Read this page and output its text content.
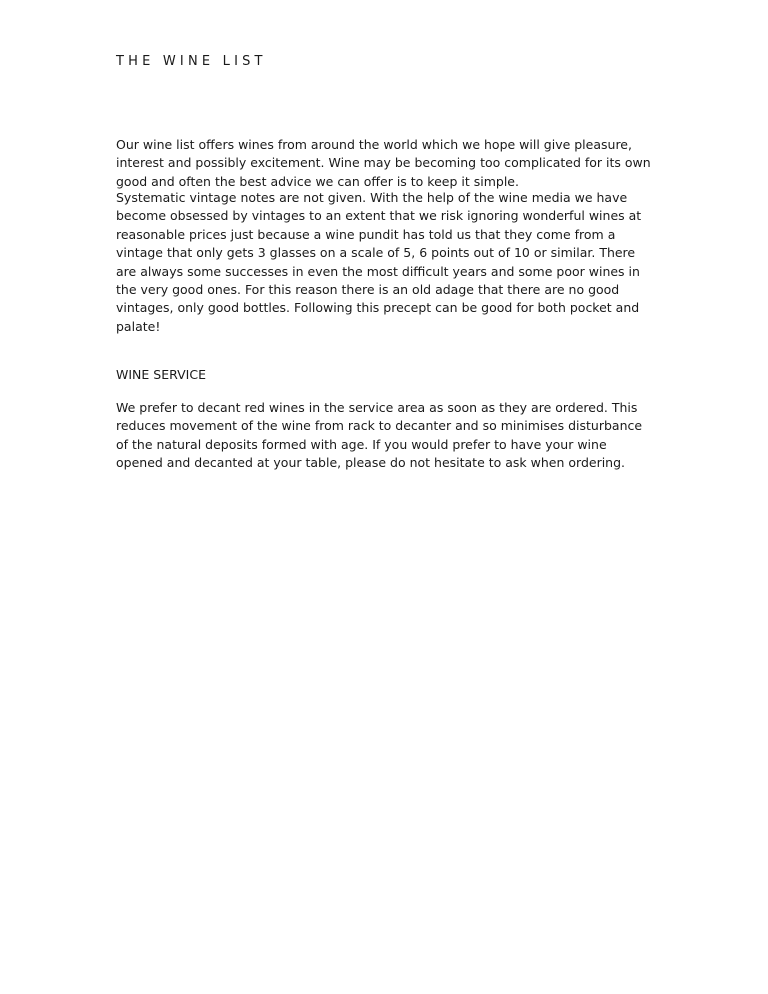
THE WINE LIST

Our wine list offers wines from around the world which we hope will give pleasure, interest and possibly excitement. Wine may be becoming too complicated for its own good and often the best advice we can offer is to keep it simple.

Systematic vintage notes are not given. With the help of the wine media we have become obsessed by vintages to an extent that we risk ignoring wonderful wines at reasonable prices just because a wine pundit has told us that they come from a vintage that only gets 3 glasses on a scale of 5, 6 points out of 10 or similar. There are always some successes in even the most difficult years and some poor wines in the very good ones. For this reason there is an old adage that there are no good vintages, only good bottles. Following this precept can be good for both pocket and palate!

WINE SERVICE

We prefer to decant red wines in the service area as soon as they are ordered. This reduces movement of the wine from rack to decanter and so minimises disturbance of the natural deposits formed with age. If you would prefer to have your wine opened and decanted at your table, please do not hesitate to ask when ordering.
